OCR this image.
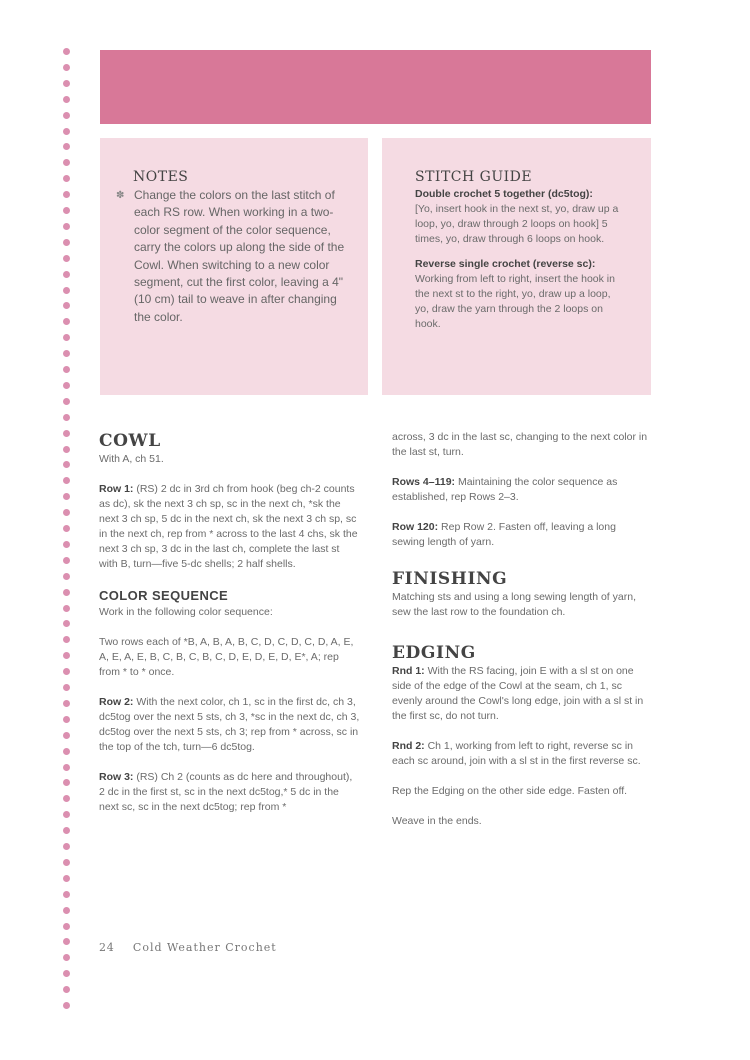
NOTES

✽ Change the colors on the last stitch of each RS row. When working in a two-color segment of the color sequence, carry the colors up along the side of the Cowl. When switching to a new color segment, cut the first color, leaving a 4" (10 cm) tail to weave in after changing the color.

STITCH GUIDE

Double crochet 5 together (dc5tog):

[Yo, insert hook in the next st, yo, draw up a loop, yo, draw through 2 loops on hook] 5 times, yo, draw through 6 loops on hook.

Reverse single crochet (reverse sc):

Working from left to right, insert the hook in the next st to the right, yo, draw up a loop, yo, draw the yarn through the 2 loops on hook.

COWL

With A, ch 51.

Row 1: (RS) 2 dc in 3rd ch from hook (beg ch-2 counts as dc), sk the next 3 ch sp, sc in the next ch, *sk the next 3 ch sp, 5 dc in the next ch, sk the next 3 ch sp, sc in the next ch, rep from * across to the last 4 chs, sk the next 3 ch sp, 3 dc in the last ch, complete the last st with B, turn—five 5-dc shells; 2 half shells.

COLOR SEQUENCE

Work in the following color sequence:

Two rows each of *B, A, B, A, B, C, D, C, D, C, D, A, E, A, E, A, E, B, C, B, C, B, C, D, E, D, E, D, E*, A; rep from * to * once.

Row 2: With the next color, ch 1, sc in the first dc, ch 3, dc5tog over the next 5 sts, ch 3, *sc in the next dc, ch 3, dc5tog over the next 5 sts, ch 3; rep from * across, sc in the top of the tch, turn—6 dc5tog.

Row 3: (RS) Ch 2 (counts as dc here and throughout), 2 dc in the first st, sc in the next dc5tog,* 5 dc in the next sc, sc in the next dc5tog; rep from *

across, 3 dc in the last sc, changing to the next color in the last st, turn.

Rows 4–119: Maintaining the color sequence as established, rep Rows 2–3.

Row 120: Rep Row 2. Fasten off, leaving a long sewing length of yarn.

FINISHING

Matching sts and using a long sewing length of yarn, sew the last row to the foundation ch.

EDGING

Rnd 1: With the RS facing, join E with a sl st on one side of the edge of the Cowl at the seam, ch 1, sc evenly around the Cowl's long edge, join with a sl st in the first sc, do not turn.

Rnd 2: Ch 1, working from left to right, reverse sc in each sc around, join with a sl st in the first reverse sc.

Rep the Edging on the other side edge. Fasten off.

Weave in the ends.

24 Cold Weather Crochet
